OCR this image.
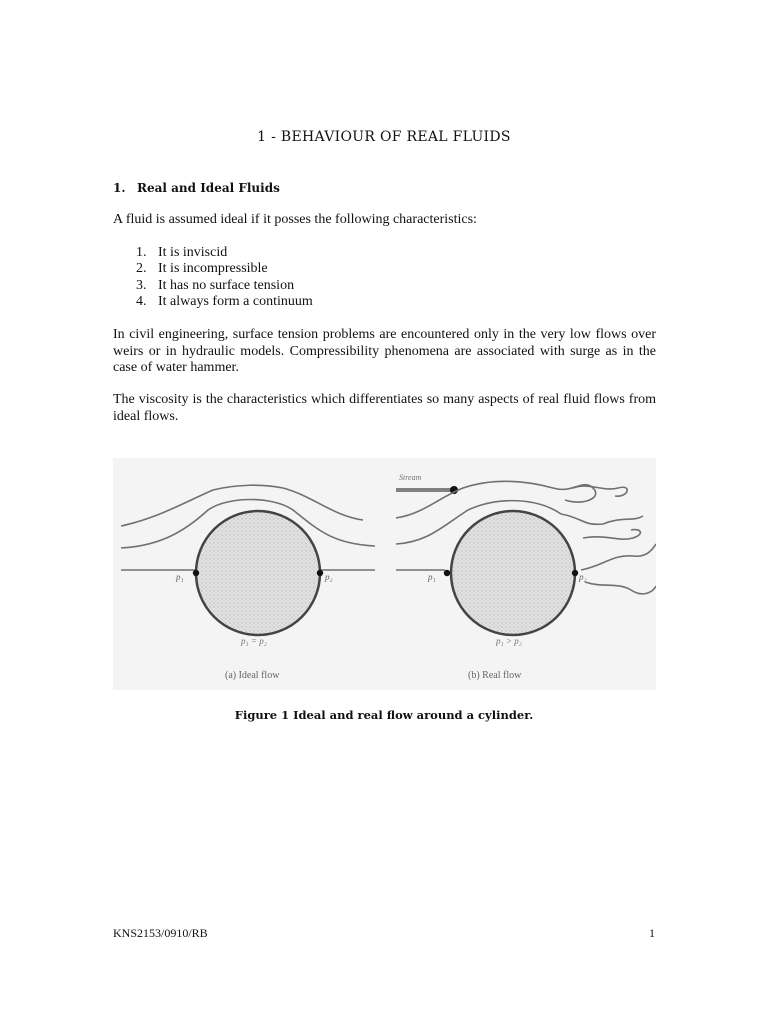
1 - BEHAVIOUR OF REAL FLUIDS
1. Real and Ideal Fluids
A fluid is assumed ideal if it posses the following characteristics:
1. It is inviscid
2. It is incompressible
3. It has no surface tension
4. It always form a continuum
In civil engineering, surface tension problems are encountered only in the very low flows over weirs or in hydraulic models. Compressibility phenomena are associated with surge as in the case of water hammer.
The viscosity is the characteristics which differentiates so many aspects of real fluid flows from ideal flows.
p₁	p₂
p₁ = p₂
(a) Ideal flow
Stream
p₁	p₂
p₁ > p₂
(b) Real flow
Figure 1 Ideal and real flow around a cylinder.
KNS2153/0910/RB	1
